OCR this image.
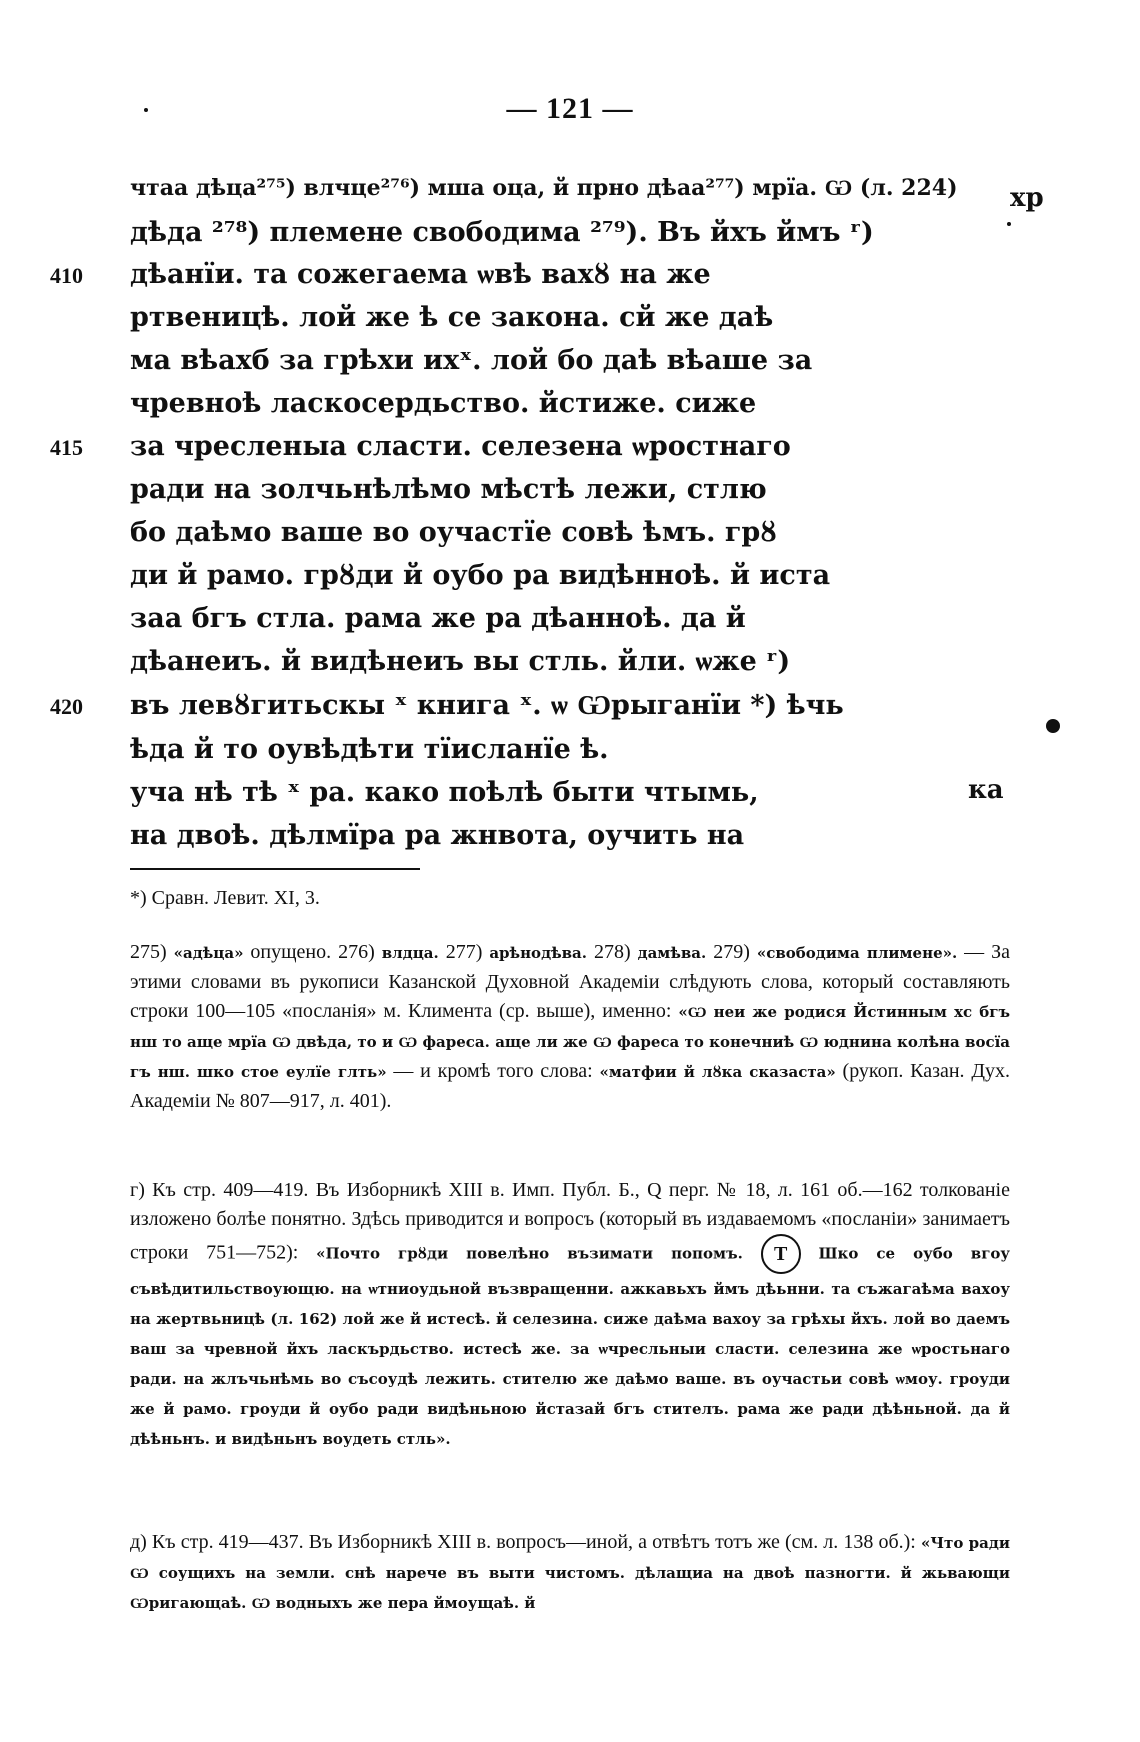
— 121 —
чтаа дѣца²⁷⁵) влчце²⁷⁶) мша оца, й прно дѣаа²⁷⁷) мрїа. Ѡ (л. 224)
дѣда ²⁷⁸) племене свободима ²⁷⁹). Въ йхъ ймъ ʳ)
410 дѣанїи. та сожегаема ѡвѣ вахȣ на же
ртвеницѣ. лой же ѣ се закона. сй же даѣ
ма вѣахб за грѣхи ихˣ. лой бо даѣ вѣаше за
чревноѣ ласкосердьство. йстиже. сиже
415 за чресленыа сласти. селезена ѡростнаго
ради на золчьнѣлѣмо мѣстѣ лежи, стлю
бо даѣмо ваше во оучастїе совѣ ѣмъ. грȣ
ди й рамо. грȣди й оубо ра видѣнноѣ. й иста
заа бгъ стла. рама же ра дѣанноѣ. да й
дѣанеиъ. й видѣнеиъ вы стль. йли. ѡже ʳ)
420 въ левȣгитьскы ˣ книга ˣ. ѡ Ѡрыганїи *) ѣчь
ѣда й то оувѣдѣти тїисланїе ѣ.
уча нѣ тѣ ˣ ра. како поѣлѣ быти чтымь,
на двоѣ. дѣлмїра ра жнвота, оучить на
хр
ка
*) Сравн. Левит. XI, 3.
275) «адѣца» опущено. 276) влдца. 277) арѣнодѣва. 278) дамѣва. 279) «свободима плимене». — За этими словами въ рукописи Казанской Духовной Академіи слѣдують слова, который составляють строки 100—105 «посланія» м. Климента (ср. выше), именно: «Ѡ неи же родися Йстинным хс бгъ нш то аще мрїа Ѡ двѣда, то и Ѡ фареса. аще ли же Ѡ фареса то конечниѣ Ѡ юднина колѣна восїа гъ нш. шко стое еулїе глть» — и кромѣ того слова: «матфии й лȣка сказаста» (рукоп. Казан. Дух. Академіи № 807—917, л. 401).
г) Къ стр. 409—419. Въ Изборникѣ XIII в. Имп. Публ. Б., Q перг. № 18, л. 161 об.—162 толкованіе изложено болѣе понятно. Здѣсь приводится и вопросъ (который въ издаваемомъ «посланіи» занимаетъ строки 751—752): «Почто грȣди повелѣно възимати попомъ. Т Шко се оубо вгоу съвѣдитильствоующю. на ѡтниоудьной възвращенни. ажкавьхъ ймъ дѣьнни. та съжагаѣма вахоу на жертвьницѣ (л. 162) лой же й истесѣ. й селезина. сиже даѣма вахоу за грѣхы йхъ. лой во даемъ ваш за чревной йхъ ласкърдьство. истесѣ же. за ѡчресльныи сласти. селезина же ѡростьнаго ради. на жлъчьнѣмь во съсоудѣ лежить. стителю же даѣмо ваше. въ оучастьи совѣ ѡмоу. гроуди же й рамо. гроуди й оубо ради видѣньною йстазай бгъ стителъ. рама же ради дѣѣньной. да й дѣѣньнъ. и видѣньнъ воудеть стль».
д) Къ стр. 419—437. Въ Изборникѣ XIII в. вопросъ—иной, а отвѣтъ тотъ же (см. л. 138 об.): «Что ради Ѡ соущихъ на земли. снѣ нарече въ выти чистомъ. дѣлащиа на двоѣ пазногти. й жьвающи Ѡригающаѣ. Ѡ водныхъ же пера ймоущаѣ. й
